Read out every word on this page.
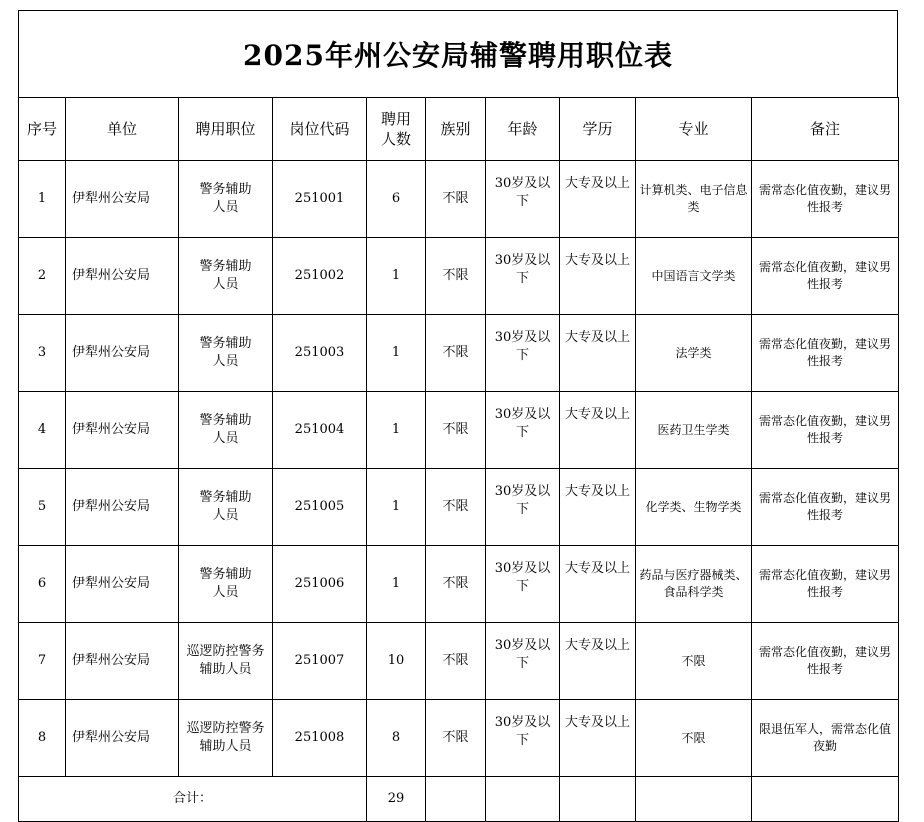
2025年州公安局辅警聘用职位表
序号	单位	聘用职位	岗位代码	聘用人数	族别	年龄	学历	专业	备注
1	伊犁州公安局	警务辅助人员	251001	6	不限	30岁及以下	大专及以上	计算机类、电子信息类	需常态化值夜勤，建议男性报考
2	伊犁州公安局	警务辅助人员	251002	1	不限	30岁及以下	大专及以上	中国语言文学类	需常态化值夜勤，建议男性报考
3	伊犁州公安局	警务辅助人员	251003	1	不限	30岁及以下	大专及以上	法学类	需常态化值夜勤，建议男性报考
4	伊犁州公安局	警务辅助人员	251004	1	不限	30岁及以下	大专及以上	医药卫生学类	需常态化值夜勤，建议男性报考
5	伊犁州公安局	警务辅助人员	251005	1	不限	30岁及以下	大专及以上	化学类、生物学类	需常态化值夜勤，建议男性报考
6	伊犁州公安局	警务辅助人员	251006	1	不限	30岁及以下	大专及以上	药品与医疗器械类、食品科学类	需常态化值夜勤，建议男性报考
7	伊犁州公安局	巡逻防控警务辅助人员	251007	10	不限	30岁及以下	大专及以上	不限	需常态化值夜勤，建议男性报考
8	伊犁州公安局	巡逻防控警务辅助人员	251008	8	不限	30岁及以下	大专及以上	不限	限退伍军人，需常态化值夜勤
合计：				29					
